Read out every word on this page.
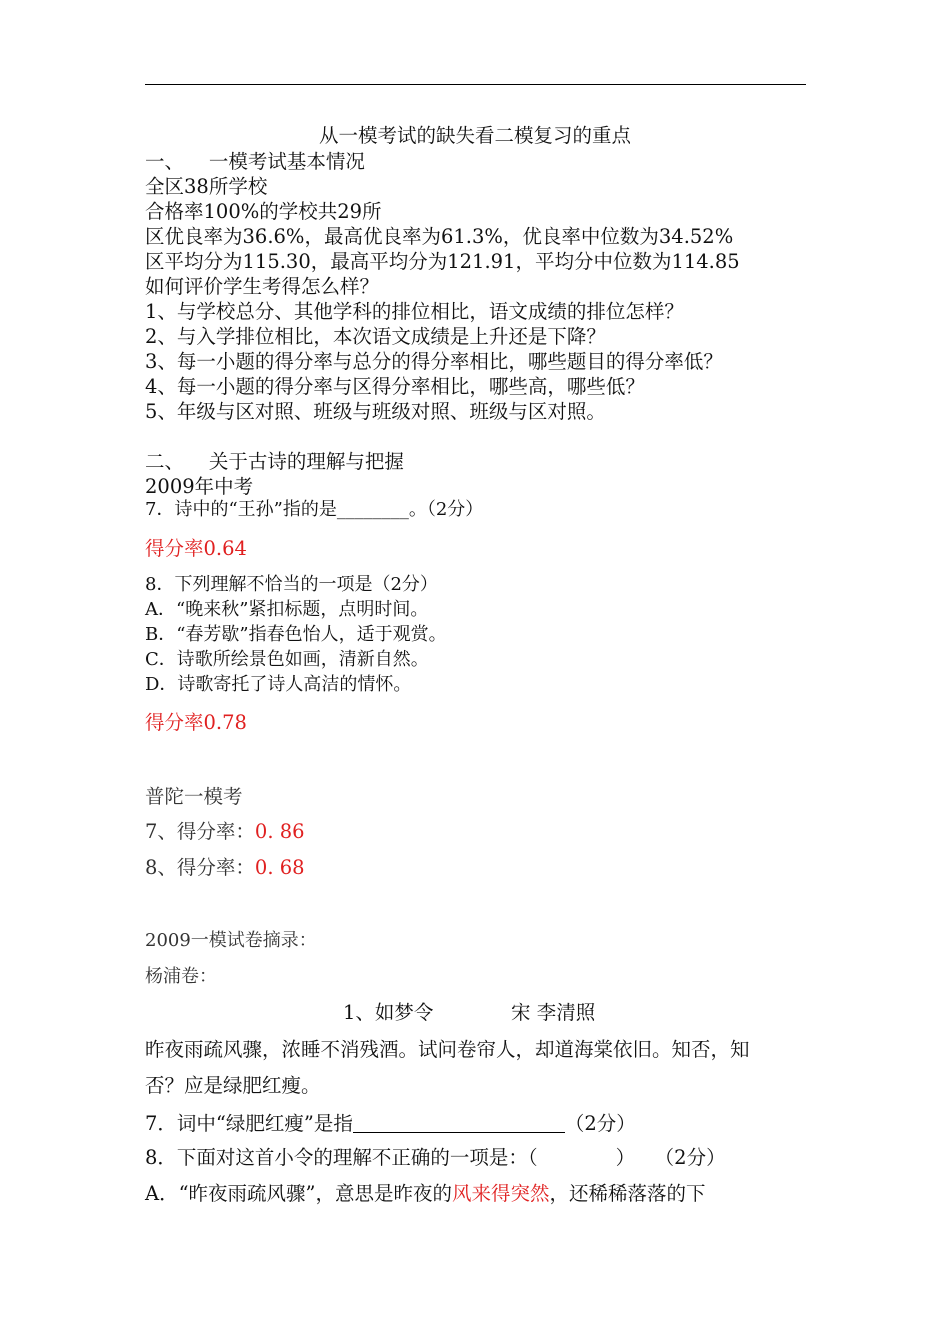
从一模考试的缺失看二模复习的重点
一、 一模考试基本情况
全区38所学校
合格率100%的学校共29所
区优良率为36.6%，最高优良率为61.3%，优良率中位数为34.52%
区平均分为115.30，最高平均分为121.91，平均分中位数为114.85
如何评价学生考得怎么样？
1、与学校总分、其他学科的排位相比，语文成绩的排位怎样？
2、与入学排位相比，本次语文成绩是上升还是下降？
3、每一小题的得分率与总分的得分率相比，哪些题目的得分率低？
4、每一小题的得分率与区得分率相比，哪些高，哪些低？
5、年级与区对照、班级与班级对照、班级与区对照。
二、 关于古诗的理解与把握
2009年中考
7．诗中的“王孙”指的是________。（2分）
得分率0.64
8．下列理解不恰当的一项是（2分）
A．“晚来秋”紧扣标题，点明时间。
B．“春芳歇”指春色怡人，适于观赏。
C．诗歌所绘景色如画，清新自然。
D．诗歌寄托了诗人高洁的情怀。
得分率0.78
普陀一模考
7、得分率：0. 86
8、得分率：0. 68
2009一模试卷摘录：
杨浦卷：
1、如梦令	宋 李清照
昨夜雨疏风骤，浓睡不消残酒。试问卷帘人，却道海棠依旧。知否，知
否？应是绿肥红瘦。
7．词中“绿肥红瘦”是指	（2分）
8．下面对这首小令的理解不正确的一项是：（　　　　）　　（2分）
A．“昨夜雨疏风骤”，意思是昨夜的风来得突然，还稀稀落落的下
